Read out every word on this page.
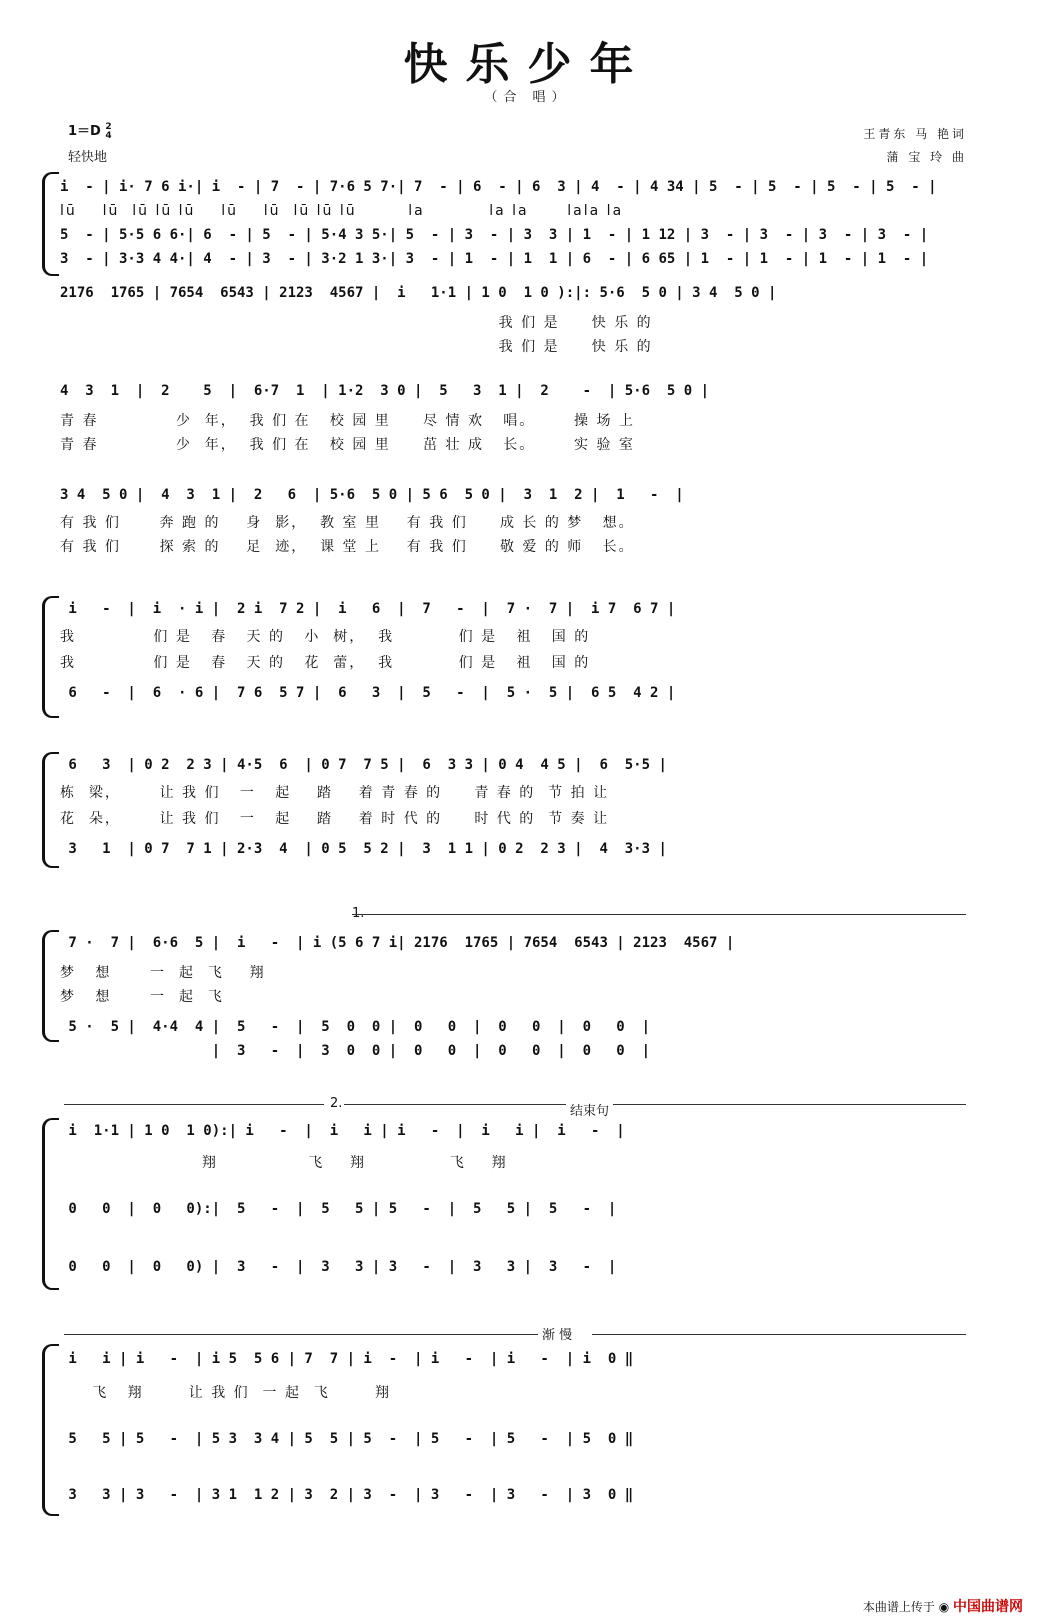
快乐少年
（合 唱）
1＝D 2
4
轻快地
王青东 马 艳词
蒲 宝 玲 曲
i  - | i· 7 6 i·| i  - | 7  - | 7·6 5 7·| 7  - | 6  - | 6  3 | 4  - | 4 34 | 5  - | 5  - | 5  - | 5  - |
lū    lū  lū lū lū    lū    lū  lū lū lū        la          la la      lala la
5  - | 5·5 6 6·| 6  - | 5  - | 5·4 3 5·| 5  - | 3  - | 3  3 | 1  - | 1 12 | 3  - | 3  - | 3  - | 3  - |
3  - | 3·3 4 4·| 4  - | 3  - | 3·2 1 3·| 3  - | 1  - | 1  1 | 6  - | 6 65 | 1  - | 1  - | 1  - | 1  - |
2176  1765 | 7654  6543 | 2123  4567 |  i   1·1 | 1 0  1 0 ):|: 5·6  5 0 | 3 4  5 0 |
我 们 是     快 乐 的
我 们 是     快 乐 的
4  3  1  |  2    5  |  6·7  1  | 1·2  3 0 |  5   3  1 |  2    -  | 5·6  5 0 |
青 春            少  年，  我 们 在   校 园 里     尽 情 欢   唱。      操 场 上
青 春            少  年，  我 们 在   校 园 里     茁 壮 成   长。      实 验 室
3 4  5 0 |  4  3  1 |  2   6  | 5·6  5 0 | 5 6  5 0 |  3  1  2 |  1   -  |
有 我 们      奔 跑 的    身  影，  教 室 里    有 我 们     成 长 的 梦   想。
有 我 们      探 索 的    足  迹，  课 堂 上    有 我 们     敬 爱 的 师   长。
i   -  |  i  · i |  2 i  7 2 |  i   6  |  7   -  |  7 ·  7 |  i 7  6 7 |
我            们 是   春   天 的   小  树，  我          们 是   祖   国 的
我            们 是   春   天 的   花  蕾，  我          们 是   祖   国 的
6   -  |  6  · 6 |  7 6  5 7 |  6   3  |  5   -  |  5 ·  5 |  6 5  4 2 |
6   3  | 0 2  2 3 | 4·5  6  | 0 7  7 5 |  6  3 3 | 0 4  4 5 |  6  5·5 |
栋  梁，      让 我 们   一   起    踏    着 青 春 的     青 春 的  节 拍 让
花  朵，      让 我 们   一   起    踏    着 时 代 的     时 代 的  节 奏 让
3   1  | 0 7  7 1 | 2·3  4  | 0 5  5 2 |  3  1 1 | 0 2  2 3 |  4  3·3 |
1.
7 ·  7 |  6·6  5 |  i   -  | i (5 6 7 i| 2176  1765 | 7654  6543 | 2123  4567 |
梦   想      一  起  飞    翔
梦   想      一  起  飞
5 ·  5 |  4·4  4 |  5   -  |  5  0  0 |  0   0  |  0   0  |  0   0  |
|  3   -  |  3  0  0 |  0   0  |  0   0  |  0   0  |
2.
结束句
i  1·1 | 1 0  1 0):| i   -  |  i   i | i   -  |  i   i |  i   -  |
翔              飞    翔             飞    翔
0   0  |  0   0):|  5   -  |  5   5 | 5   -  |  5   5 |  5   -  |
0   0  |  0   0) |  3   -  |  3   3 | 3   -  |  3   3 |  3   -  |
渐 慢
i   i | i   -  | i 5  5 6 | 7  7 | i  -  | i   -  | i   -  | i  0 ‖
飞   翔       让 我 们  一 起  飞       翔
5   5 | 5   -  | 5 3  3 4 | 5  5 | 5  -  | 5   -  | 5   -  | 5  0 ‖
3   3 | 3   -  | 3 1  1 2 | 3  2 | 3  -  | 3   -  | 3   -  | 3  0 ‖
本曲谱上传于 ◉ 中国曲谱网
